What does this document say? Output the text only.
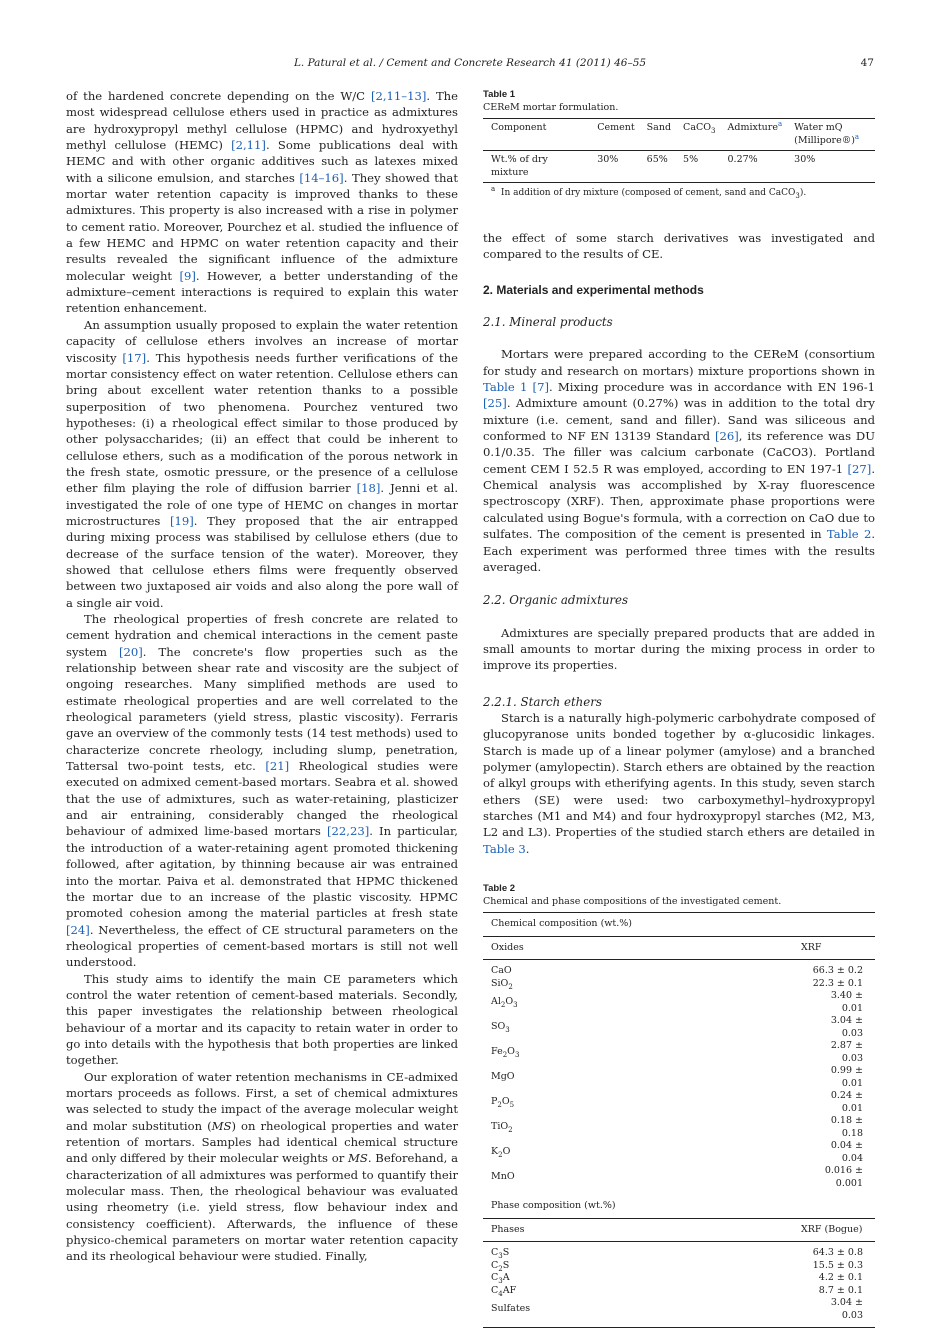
L. Patural et al. / Cement and Concrete Research 41 (2011) 46–55	47

of the hardened concrete depending on the W/C [2,11–13]. The most widespread cellulose ethers used in practice as admixtures are hydroxypropyl methyl cellulose (HPMC) and hydroxyethyl methyl cellulose (HEMC) [2,11]. Some publications deal with HEMC and with other organic additives such as latexes mixed with a silicone emulsion, and starches [14–16]. They showed that mortar water retention capacity is improved thanks to these admixtures. This property is also increased with a rise in polymer to cement ratio. Moreover, Pourchez et al. studied the influence of a few HEMC and HPMC on water retention capacity and their results revealed the significant influence of the admixture molecular weight [9]. However, a better understanding of the admixture–cement interactions is required to explain this water retention enhancement.

An assumption usually proposed to explain the water retention capacity of cellulose ethers involves an increase of mortar viscosity [17]. This hypothesis needs further verifications of the mortar consistency effect on water retention. Cellulose ethers can bring about excellent water retention thanks to a possible superposition of two phenomena. Pourchez ventured two hypotheses: (i) a rheological effect similar to those produced by other polysaccharides; (ii) an effect that could be inherent to cellulose ethers, such as a modification of the porous network in the fresh state, osmotic pressure, or the presence of a cellulose ether film playing the role of diffusion barrier [18]. Jenni et al. investigated the role of one type of HEMC on changes in mortar microstructures [19]. They proposed that the air entrapped during mixing process was stabilised by cellulose ethers (due to decrease of the surface tension of the water). Moreover, they showed that cellulose ethers films were frequently observed between two juxtaposed air voids and also along the pore wall of a single air void.

The rheological properties of fresh concrete are related to cement hydration and chemical interactions in the cement paste system [20]. The concrete's flow properties such as the relationship between shear rate and viscosity are the subject of ongoing researches. Many simplified methods are used to estimate rheological properties and are well correlated to the rheological parameters (yield stress, plastic viscosity). Ferraris gave an overview of the commonly tests (14 test methods) used to characterize concrete rheology, including slump, penetration, Tattersal two-point tests, etc. [21] Rheological studies were executed on admixed cement-based mortars. Seabra et al. showed that the use of admixtures, such as water-retaining, plasticizer and air entraining, considerably changed the rheological behaviour of admixed lime-based mortars [22,23]. In particular, the introduction of a water-retaining agent promoted thickening followed, after agitation, by thinning because air was entrained into the mortar. Paiva et al. demonstrated that HPMC thickened the mortar due to an increase of the plastic viscosity. HPMC promoted cohesion among the material particles at fresh state [24]. Nevertheless, the effect of CE structural parameters on the rheological properties of cement-based mortars is still not well understood.

This study aims to identify the main CE parameters which control the water retention of cement-based materials. Secondly, this paper investigates the relationship between rheological behaviour of a mortar and its capacity to retain water in order to go into details with the hypothesis that both properties are linked together.

Our exploration of water retention mechanisms in CE-admixed mortars proceeds as follows. First, a set of chemical admixtures was selected to study the impact of the average molecular weight and molar substitution (MS) on rheological properties and water retention of mortars. Samples had identical chemical structure and only differed by their molecular weights or MS. Beforehand, a characterization of all admixtures was performed to quantify their molecular mass. Then, the rheological behaviour was evaluated using rheometry (i.e. yield stress, flow behaviour index and consistency coefficient). Afterwards, the influence of these physico-chemical parameters on mortar water retention capacity and its rheological behaviour were studied. Finally,

Table 1
CEReM mortar formulation.
Component	Cement	Sand	CaCO$_3$	Admixture$^a$	Water mQ (Millipore®)$^a$
Wt.% of dry mixture	30%	65%	5%	0.27%	30%
$^a$  In addition of dry mixture (composed of cement, sand and CaCO$_3$).

the effect of some starch derivatives was investigated and compared to the results of CE.

2. Materials and experimental methods
2.1. Mineral products

Mortars were prepared according to the CEReM (consortium for study and research on mortars) mixture proportions shown in Table 1 [7]. Mixing procedure was in accordance with EN 196-1 [25]. Admixture amount (0.27%) was in addition to the total dry mixture (i.e. cement, sand and filler). Sand was siliceous and conformed to NF EN 13139 Standard [26], its reference was DU 0.1/0.35. The filler was calcium carbonate (CaCO3). Portland cement CEM I 52.5 R was employed, according to EN 197-1 [27]. Chemical analysis was accomplished by X-ray fluorescence spectroscopy (XRF). Then, approximate phase proportions were calculated using Bogue's formula, with a correction on CaO due to sulfates. The composition of the cement is presented in Table 2. Each experiment was performed three times with the results averaged.

2.2. Organic admixtures

Admixtures are specially prepared products that are added in small amounts to mortar during the mixing process in order to improve its properties.

2.2.1. Starch ethers

Starch is a naturally high-polymeric carbohydrate composed of glucopyranose units bonded together by α-glucosidic linkages. Starch is made up of a linear polymer (amylose) and a branched polymer (amylopectin). Starch ethers are obtained by the reaction of alkyl groups with etherifying agents. In this study, seven starch ethers (SE) were used: two carboxymethyl–hydroxypropyl starches (M1 and M4) and four hydroxypropyl starches (M2, M3, L2 and L3). Properties of the studied starch ethers are detailed in Table 3.

Table 2
Chemical and phase compositions of the investigated cement.
Chemical composition (wt.%)	
Oxides	XRF
CaO	66.3 ± 0.2
SiO$_2$	22.3 ± 0.1
$Al_2O_3$	3.40 ± 0.01
$SO_3$	3.04 ± 0.03
$Fe_2O_3$	2.87 ± 0.03
MgO	0.99 ± 0.01
$P_2O_5$	0.24 ± 0.01
TiO$_2$	0.18 ± 0.18
$K_2O$	0.04 ± 0.04
MnO	0.016 ± 0.001
Phase composition (wt.%)	
Phases	XRF (Bogue)
$C_3S$	64.3 ± 0.8
$C_2S$	15.5 ± 0.3
$C_3A$	4.2 ± 0.1
$C_4AF$	8.7 ± 0.1
Sulfates	3.04 ± 0.03
